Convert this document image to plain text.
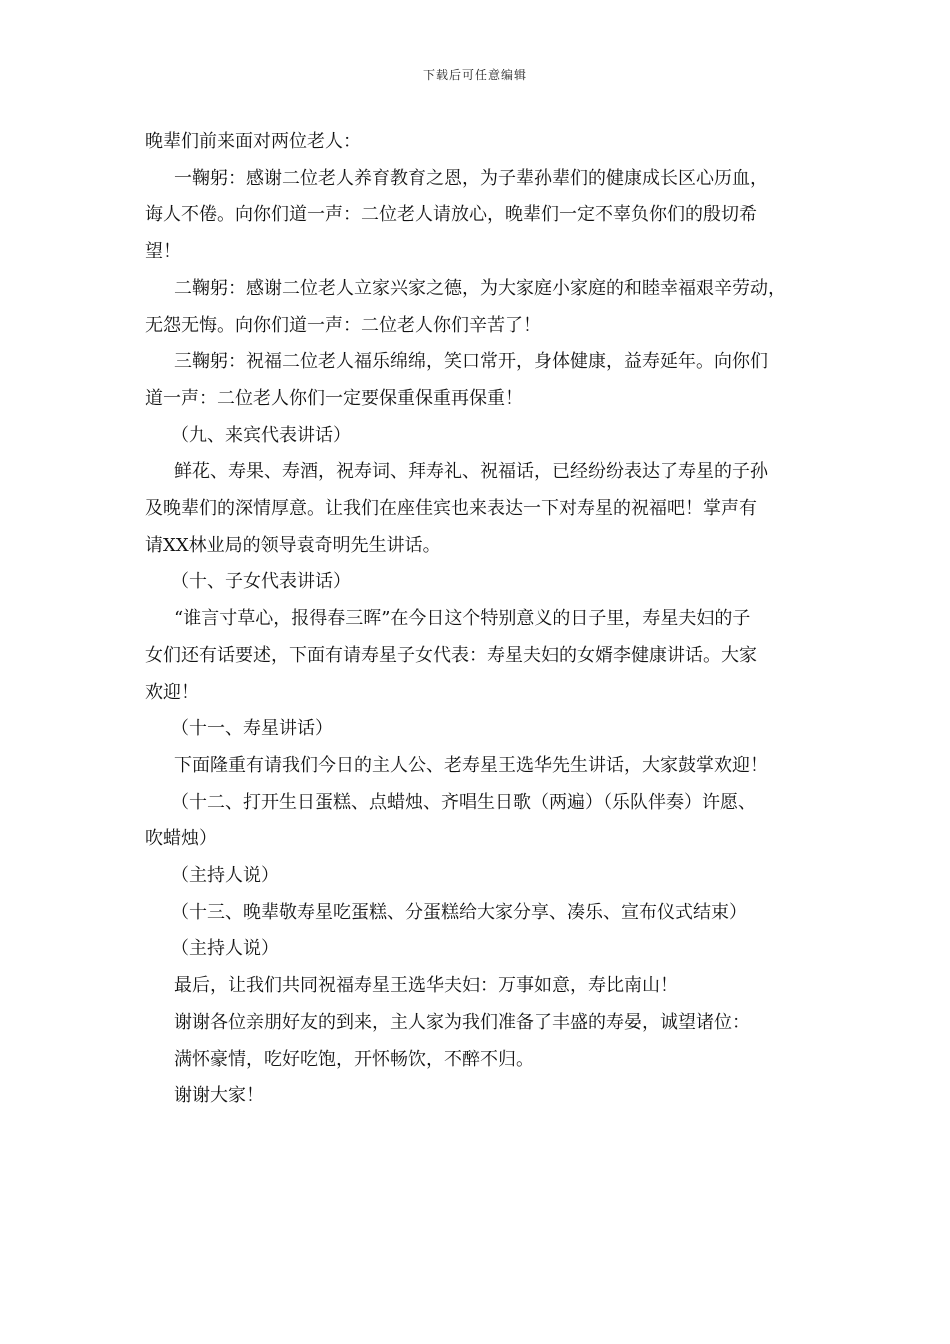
下载后可任意编辑

晚辈们前来面对两位老人：

一鞠躬：感谢二位老人养育教育之恩，为子辈孙辈们的健康成长区心历血，

诲人不倦。向你们道一声：二位老人请放心，晚辈们一定不辜负你们的殷切希

望！

二鞠躬：感谢二位老人立家兴家之德，为大家庭小家庭的和睦幸福艰辛劳动，

无怨无悔。向你们道一声：二位老人你们辛苦了！

三鞠躬：祝福二位老人福乐绵绵，笑口常开，身体健康，益寿延年。向你们

道一声：二位老人你们一定要保重保重再保重！

（九、来宾代表讲话）

鲜花、寿果、寿酒，祝寿词、拜寿礼、祝福话，已经纷纷表达了寿星的子孙

及晚辈们的深情厚意。让我们在座佳宾也来表达一下对寿星的祝福吧！掌声有

请XX林业局的领导袁奇明先生讲话。

（十、子女代表讲话）

“谁言寸草心，报得春三晖”在今日这个特别意义的日子里，寿星夫妇的子

女们还有话要述，下面有请寿星子女代表：寿星夫妇的女婿李健康讲话。大家

欢迎！

（十一、寿星讲话）

下面隆重有请我们今日的主人公、老寿星王选华先生讲话，大家鼓掌欢迎！

（十二、打开生日蛋糕、点蜡烛、齐唱生日歌（两遍）（乐队伴奏）许愿、

吹蜡烛）

（主持人说）

（十三、晚辈敬寿星吃蛋糕、分蛋糕给大家分享、凑乐、宣布仪式结束）

（主持人说）

最后，让我们共同祝福寿星王选华夫妇：万事如意，寿比南山！

谢谢各位亲朋好友的到来，主人家为我们准备了丰盛的寿晏，诚望诸位：

满怀豪情，吃好吃饱，开怀畅饮，不醉不归。

谢谢大家！
